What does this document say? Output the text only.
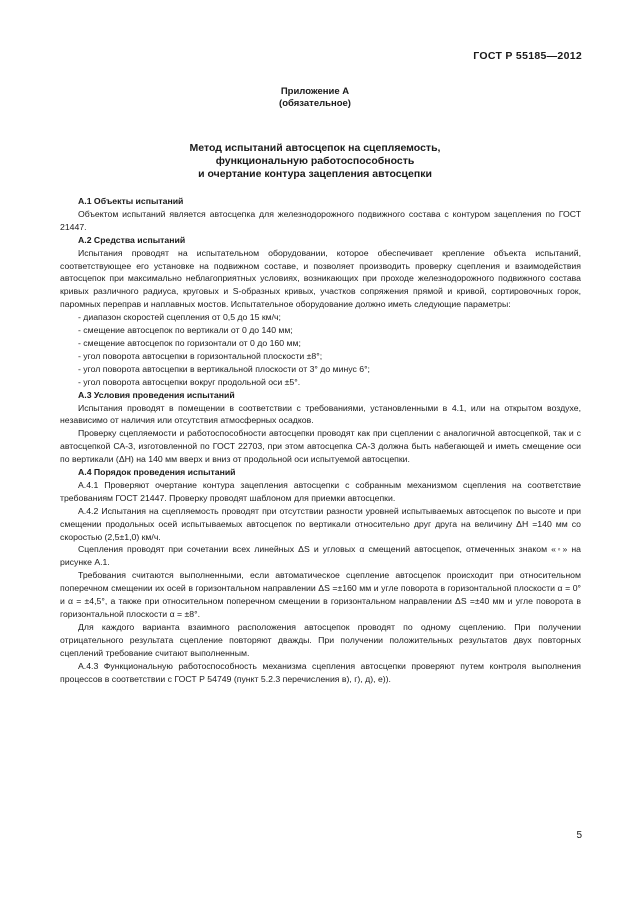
ГОСТ Р 55185—2012
Приложение А
(обязательное)
Метод испытаний автосцепок на сцепляемость,
функциональную работоспособность
и очертание контура зацепления автосцепки

А.1 Объекты испытаний

Объектом испытаний является автосцепка для железнодорожного подвижного состава с контуром зацепления по ГОСТ 21447.

А.2 Средства испытаний

Испытания проводят на испытательном оборудовании, которое обеспечивает крепление объекта испытаний, соответствующее его установке на подвижном составе, и позволяет производить проверку сцепления и взаимодействия автосцепок при максимально неблагоприятных условиях, возникающих при проходе железнодорожного подвижного состава кривых различного радиуса, круговых и S-образных кривых, участков сопряжения прямой и кривой, сортировочных горок, паромных переправ и наплавных мостов. Испытательное оборудование должно иметь следующие параметры:

- диапазон скоростей сцепления от 0,5 до 15 км/ч;

- смещение автосцепок по вертикали от 0 до 140 мм;

- смещение автосцепок по горизонтали от 0 до 160 мм;

- угол поворота автосцепки в горизонтальной плоскости ±8°;

- угол поворота автосцепки в вертикальной плоскости от 3° до минус 6°;

- угол поворота автосцепки вокруг продольной оси ±5°.

А.3 Условия проведения испытаний

Испытания проводят в помещении в соответствии с требованиями, установленными в 4.1, или на открытом воздухе, независимо от наличия или отсутствия атмосферных осадков.

Проверку сцепляемости и работоспособности автосцепки проводят как при сцеплении с аналогичной автосцепкой, так и с автосцепкой СА-3, изготовленной по ГОСТ 22703, при этом автосцепка СА-3 должна быть набегающей и иметь смещение оси по вертикали (ΔH) на 140 мм вверх и вниз от продольной оси испытуемой автосцепки.

А.4 Порядок проведения испытаний

А.4.1 Проверяют очертание контура зацепления автосцепки с собранным механизмом сцепления на соответствие требованиям ГОСТ 21447. Проверку проводят шаблоном для приемки автосцепки.

А.4.2 Испытания на сцепляемость проводят при отсутствии разности уровней испытываемых автосцепок по высоте и при смещении продольных осей испытываемых автосцепок по вертикали относительно друг друга на величину ΔH =140 мм со скоростью (2,5±1,0) км/ч.

Сцепления проводят при сочетании всех линейных ΔS и угловых α смещений автосцепок, отмеченных знаком «◦» на рисунке А.1.

Требования считаются выполненными, если автоматическое сцепление автосцепок происходит при относительном поперечном смещении их осей в горизонтальном направлении ΔS =±160 мм и угле поворота в горизонтальной плоскости α = 0° и α = ±4,5°, а также при относительном поперечном смещении в горизонтальном направлении ΔS =±40 мм и угле поворота в горизонтальной плоскости α = ±8°.

Для каждого варианта взаимного расположения автосцепок проводят по одному сцеплению. При получении отрицательного результата сцепление повторяют дважды. При получении положительных результатов двух повторных сцеплений требование считают выполненным.

А.4.3 Функциональную работоспособность механизма сцепления автосцепки проверяют путем контроля выполнения процессов в соответствии с ГОСТ Р 54749 (пункт 5.2.3 перечисления в), г), д), е)).

5
